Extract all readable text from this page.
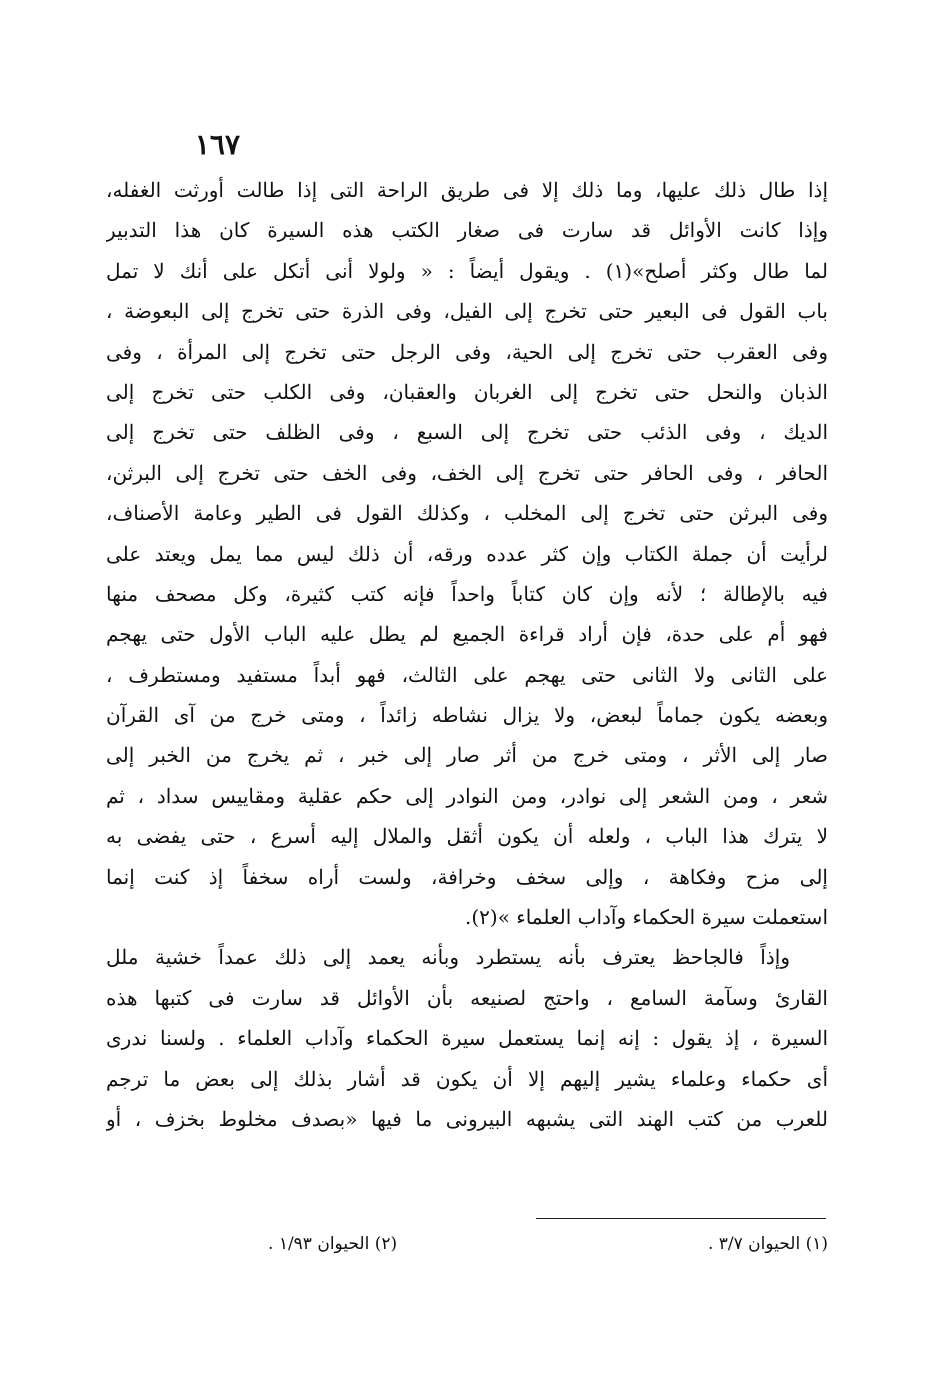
١٦٧
إذا طال ذلك عليها، وما ذلك إلا فى طريق الراحة التى إذا طالت أورثت الغفله،
وإذا كانت الأوائل قد سارت فى صغار الكتب هذه السيرة كان هذا التدبير
لما طال وكثر أصلح»(١) . ويقول أيضاً : « ولولا أنى أتكل على أنك لا تمل
باب القول فى البعير حتى تخرج إلى الفيل، وفى الذرة حتى تخرج إلى البعوضة ،
وفى العقرب حتى تخرج إلى الحية، وفى الرجل حتى تخرج إلى المرأة ، وفى
الذبان والنحل حتى تخرج إلى الغربان والعقبان، وفى الكلب حتى تخرج إلى
الديك ، وفى الذئب حتى تخرج إلى السبع ، وفى الظلف حتى تخرج إلى
الحافر ، وفى الحافر حتى تخرج إلى الخف، وفى الخف حتى تخرج إلى البرثن،
وفى البرثن حتى تخرج إلى المخلب ، وكذلك القول فى الطير وعامة الأصناف،
لرأيت أن جملة الكتاب وإن كثر عدده ورقه، أن ذلك ليس مما يمل ويعتد على
فيه بالإطالة ؛ لأنه وإن كان كتاباً واحداً فإنه كتب كثيرة، وكل مصحف منها
فهو أم على حدة، فإن أراد قراءة الجميع لم يطل عليه الباب الأول حتى يهجم
على الثانى ولا الثانى حتى يهجم على الثالث، فهو أبداً مستفيد ومستطرف ،
وبعضه يكون جماماً لبعض، ولا يزال نشاطه زائداً ، ومتى خرج من آى القرآن
صار إلى الأثر ، ومتى خرج من أثر صار إلى خبر ، ثم يخرج من الخبر إلى
شعر ، ومن الشعر إلى نوادر، ومن النوادر إلى حكم عقلية ومقاييس سداد ، ثم
لا يترك هذا الباب ، ولعله أن يكون أثقل والملال إليه أسرع ، حتى يفضى به
إلى مزح وفكاهة ، وإلى سخف وخرافة، ولست أراه سخفاً إذ كنت إنما
استعملت سيرة الحكماء وآداب العلماء »(٢).
وإذاً فالجاحظ يعترف بأنه يستطرد وبأنه يعمد إلى ذلك عمداً خشية ملل
القارئ وسآمة السامع ، واحتج لصنيعه بأن الأوائل قد سارت فى كتبها هذه
السيرة ، إذ يقول : إنه إنما يستعمل سيرة الحكماء وآداب العلماء . ولسنا ندرى
أى حكماء وعلماء يشير إليهم إلا أن يكون قد أشار بذلك إلى بعض ما ترجم
للعرب من كتب الهند التى يشبهه البيرونى ما فيها «بصدف مخلوط بخزف ، أو
(١) الحيوان ٣/٧ .
(٢) الحيوان ١/٩٣ .
